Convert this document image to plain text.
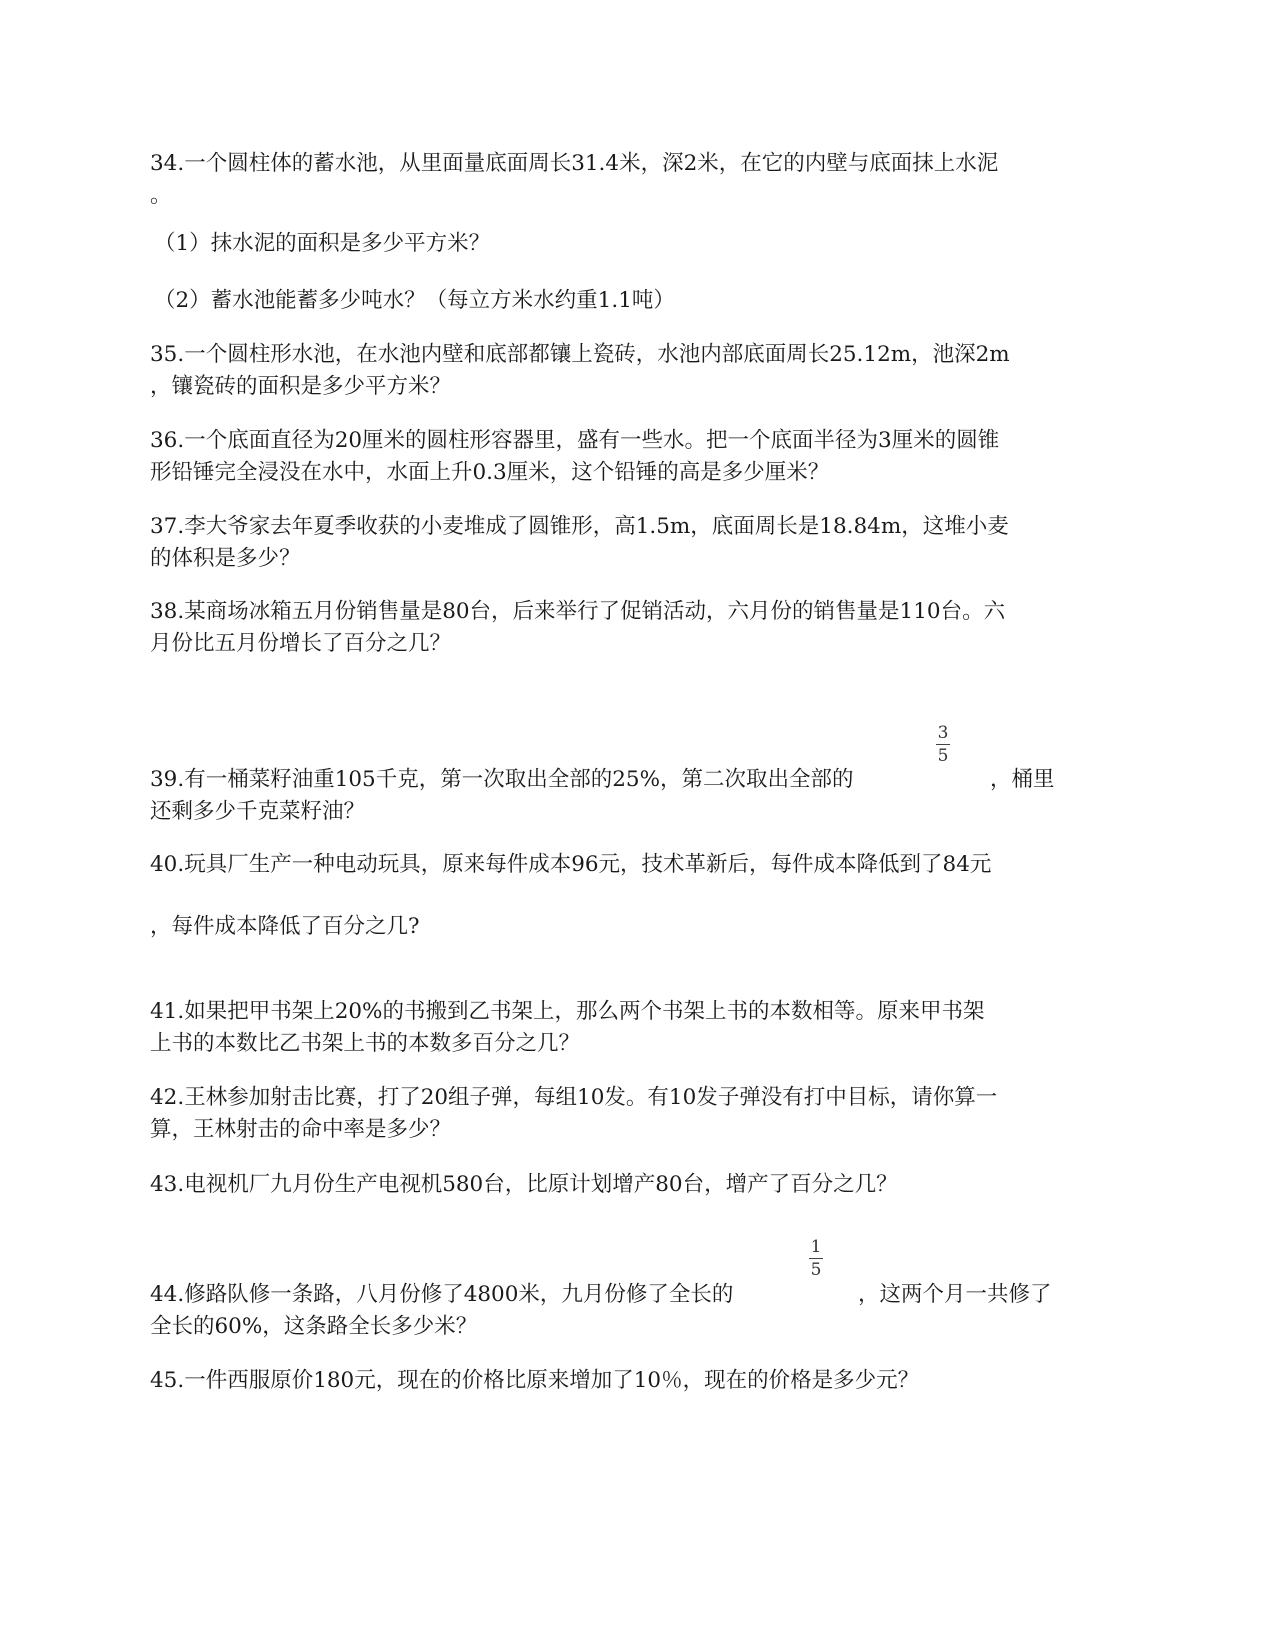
34.一个圆柱体的蓄水池，从里面量底面周长31.4米，深2米，在它的内壁与底面抹上水泥
。
（1）抹水泥的面积是多少平方米？
（2）蓄水池能蓄多少吨水？（每立方米水约重1.1吨）
35.一个圆柱形水池，在水池内壁和底部都镶上瓷砖，水池内部底面周长25.12m，池深2m
，镶瓷砖的面积是多少平方米？
36.一个底面直径为20厘米的圆柱形容器里，盛有一些水。把一个底面半径为3厘米的圆锥
形铅锤完全浸没在水中，水面上升0.3厘米，这个铅锤的高是多少厘米？
37.李大爷家去年夏季收获的小麦堆成了圆锥形，高1.5m，底面周长是18.84m，这堆小麦
的体积是多少？
38.某商场冰箱五月份销售量是80台，后来举行了促销活动，六月份的销售量是110台。六
月份比五月份增长了百分之几？
39.有一桶菜籽油重105千克，第一次取出全部的25%，第二次取出全部的
3
5
，桶里
还剩多少千克菜籽油？
40.玩具厂生产一种电动玩具，原来每件成本96元，技术革新后，每件成本降低到了84元
，每件成本降低了百分之几?
41.如果把甲书架上20%的书搬到乙书架上，那么两个书架上书的本数相等。原来甲书架
上书的本数比乙书架上书的本数多百分之几？
42.王林参加射击比赛，打了20组子弹，每组10发。有10发子弹没有打中目标，请你算一
算，王林射击的命中率是多少？
43.电视机厂九月份生产电视机580台，比原计划增产80台，增产了百分之几？
44.修路队修一条路，八月份修了4800米，九月份修了全长的
1
5
，这两个月一共修了
全长的60%，这条路全长多少米？
45.一件西服原价180元，现在的价格比原来增加了10％，现在的价格是多少元？
